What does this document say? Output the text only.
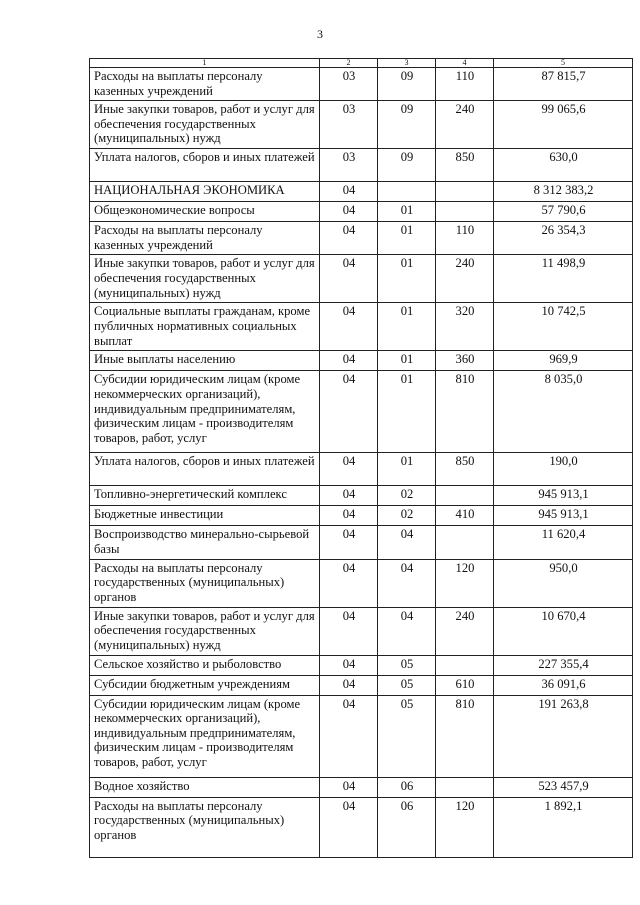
3
1	2	3	4	5
Расходы на выплаты персоналу казенных учреждений	03	09	110	87 815,7
Иные закупки товаров, работ и услуг для обеспечения государственных (муниципальных) нужд	03	09	240	99 065,6
Уплата налогов, сборов и иных платежей	03	09	850	630,0
НАЦИОНАЛЬНАЯ ЭКОНОМИКА	04			8 312 383,2
Общеэкономические вопросы	04	01		57 790,6
Расходы на выплаты персоналу казенных учреждений	04	01	110	26 354,3
Иные закупки товаров, работ и услуг для обеспечения государственных (муниципальных) нужд	04	01	240	11 498,9
Социальные выплаты гражданам, кроме публичных нормативных социальных выплат	04	01	320	10 742,5
Иные выплаты населению	04	01	360	969,9
Субсидии юридическим лицам (кроме некоммерческих организаций), индивидуальным предпринимателям, физическим лицам - производителям товаров, работ, услуг	04	01	810	8 035,0
Уплата налогов, сборов и иных платежей	04	01	850	190,0
Топливно-энергетический комплекс	04	02		945 913,1
Бюджетные инвестиции	04	02	410	945 913,1
Воспроизводство минерально-сырьевой базы	04	04		11 620,4
Расходы на выплаты персоналу государственных (муниципальных) органов	04	04	120	950,0
Иные закупки товаров, работ и услуг для обеспечения государственных (муниципальных) нужд	04	04	240	10 670,4
Сельское хозяйство и рыболовство	04	05		227 355,4
Субсидии бюджетным учреждениям	04	05	610	36 091,6
Субсидии юридическим лицам (кроме некоммерческих организаций), индивидуальным предпринимателям, физическим лицам - производителям товаров, работ, услуг	04	05	810	191 263,8
Водное хозяйство	04	06		523 457,9
Расходы на выплаты персоналу государственных (муниципальных) органов	04	06	120	1 892,1
